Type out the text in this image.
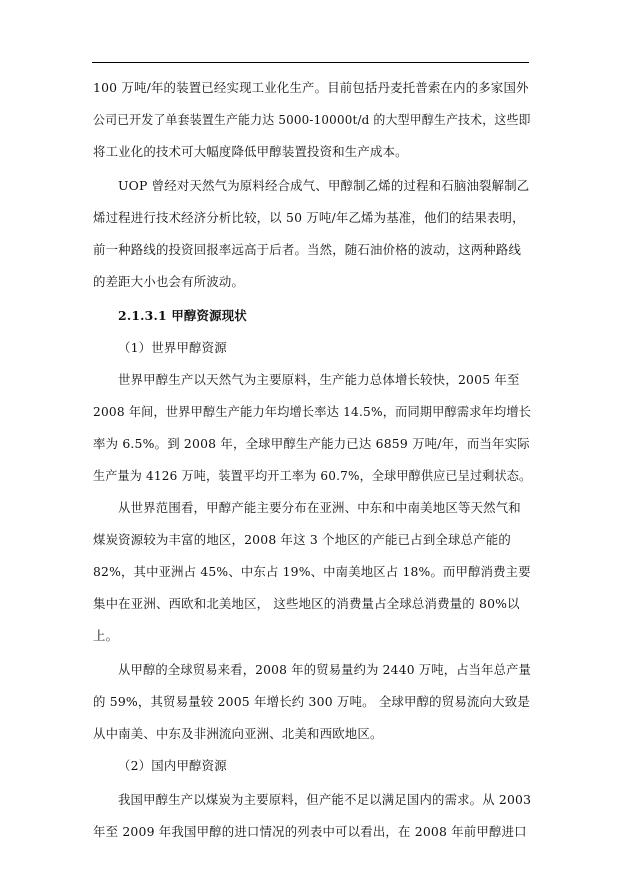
100 万吨/年的装置已经实现工业化生产。目前包括丹麦托普索在内的多家国外
公司已开发了单套装置生产能力达 5000-10000t/d 的大型甲醇生产技术，这些即
将工业化的技术可大幅度降低甲醇装置投资和生产成本。
UOP 曾经对天然气为原料经合成气、甲醇制乙烯的过程和石脑油裂解制乙
烯过程进行技术经济分析比较，以 50 万吨/年乙烯为基准，他们的结果表明，
前一种路线的投资回报率远高于后者。当然，随石油价格的波动，这两种路线
的差距大小也会有所波动。
2.1.3.1 甲醇资源现状
（1）世界甲醇资源
世界甲醇生产以天然气为主要原料，生产能力总体增长较快，2005 年至
2008 年间，世界甲醇生产能力年均增长率达 14.5%，而同期甲醇需求年均增长
率为 6.5%。到 2008 年，全球甲醇生产能力已达 6859 万吨/年，而当年实际
生产量为 4126 万吨，装置平均开工率为 60.7%，全球甲醇供应已呈过剩状态。
从世界范围看，甲醇产能主要分布在亚洲、中东和中南美地区等天然气和
煤炭资源较为丰富的地区，2008 年这 3 个地区的产能已占到全球总产能的
82%，其中亚洲占 45%、中东占 19%、中南美地区占 18%。而甲醇消费主要
集中在亚洲、西欧和北美地区， 这些地区的消费量占全球总消费量的 80%以
上。
从甲醇的全球贸易来看，2008 年的贸易量约为 2440 万吨，占当年总产量
的 59%，其贸易量较 2005 年增长约 300 万吨。 全球甲醇的贸易流向大致是
从中南美、中东及非洲流向亚洲、北美和西欧地区。
（2）国内甲醇资源
我国甲醇生产以煤炭为主要原料，但产能不足以满足国内的需求。从 2003
年至 2009 年我国甲醇的进口情况的列表中可以看出，在 2008 年前甲醇进口
